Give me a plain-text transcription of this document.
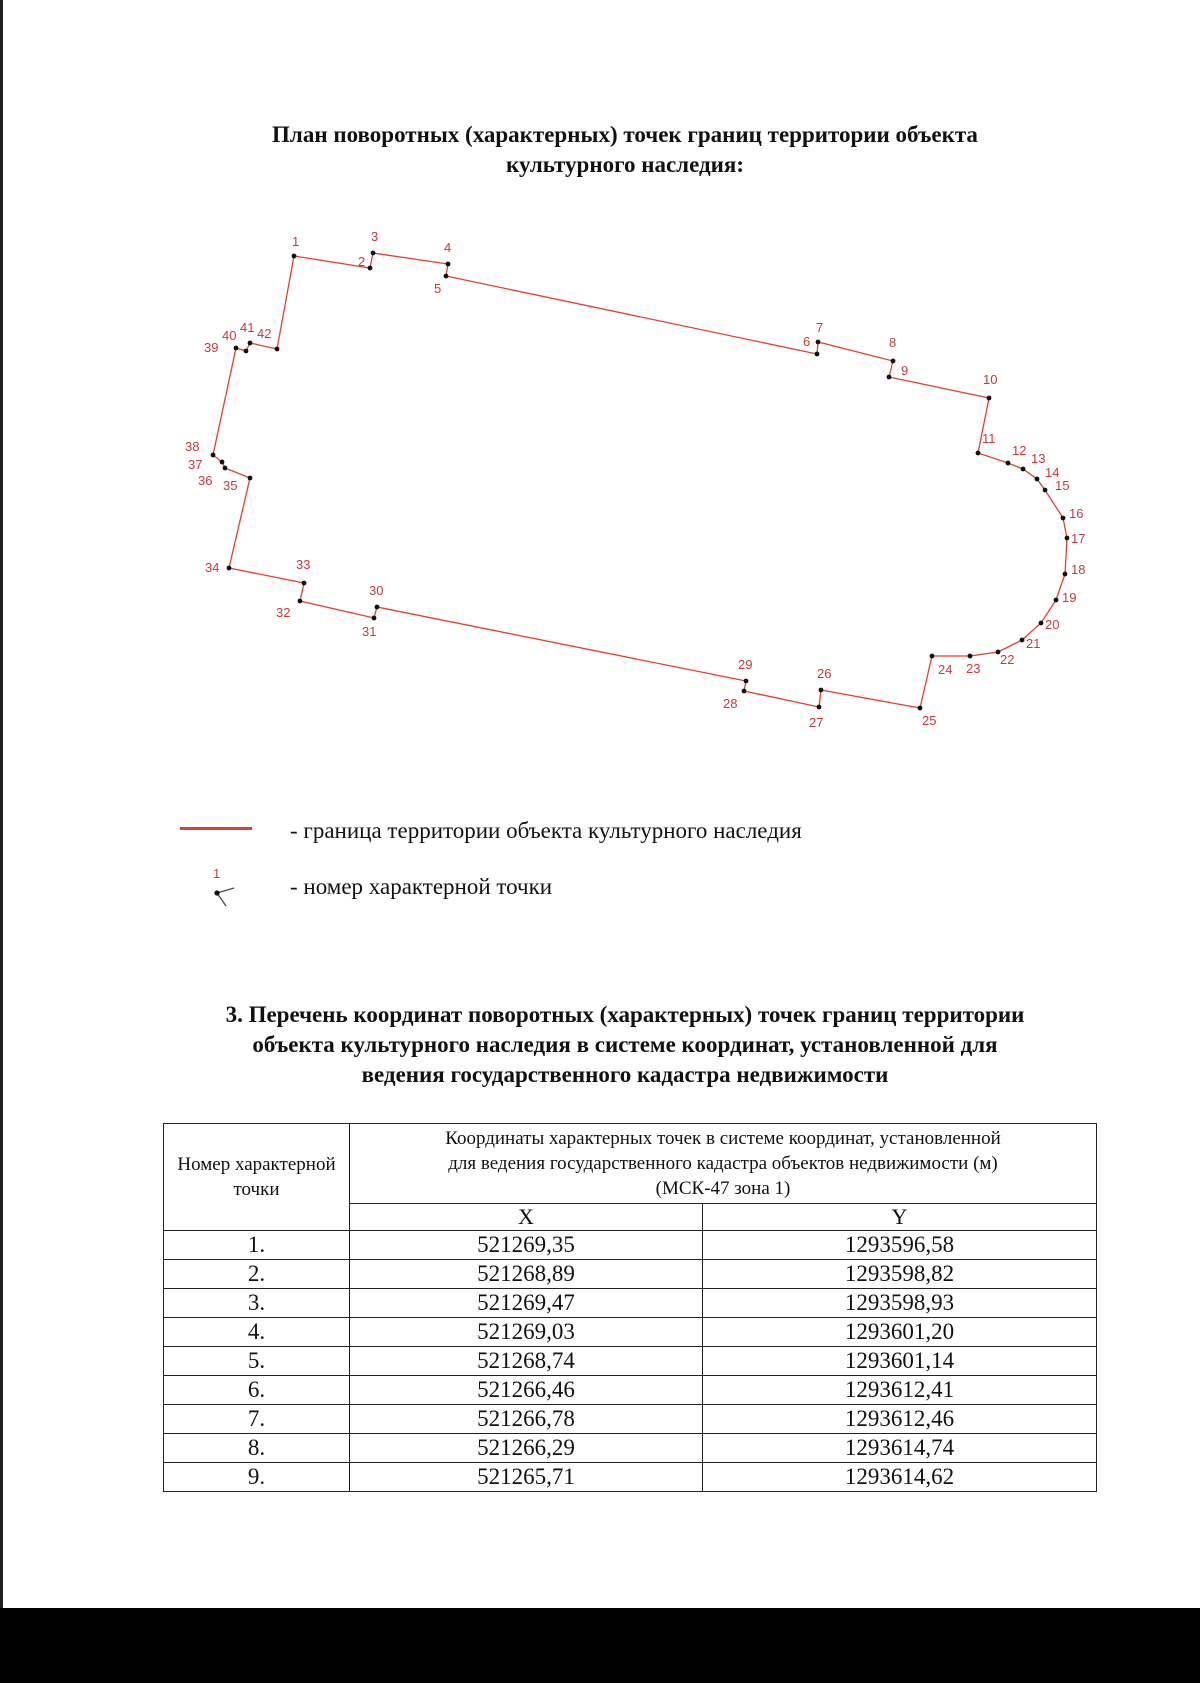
План поворотных (характерных) точек границ территории объекта
культурного наследия:
1
2
3
4
5
6
7
8
9
10
11
12
13
14
15
16
17
18
19
20
21
22
23
24
25
26
27
28
29
30
31
32
33
34
35
36
37
38
39
40
41 42
- граница территории объекта культурного наследия
1
- номер характерной точки
3. Перечень координат поворотных (характерных) точек границ территории
объекта культурного наследия в системе координат, установленной для
ведения государственного кадастра недвижимости
Номер характерной точки	Координаты характерных точек в системе координат, установленной
для ведения государственного кадастра объектов недвижимости (м)
(МСК-47 зона 1)	

	X	Y
1.	521269,35	1293596,58
2.	521268,89	1293598,82
3.	521269,47	1293598,93
4.	521269,03	1293601,20
5.	521268,74	1293601,14
6.	521266,46	1293612,41
7.	521266,78	1293612,46
8.	521266,29	1293614,74
9.	521265,71	1293614,62
